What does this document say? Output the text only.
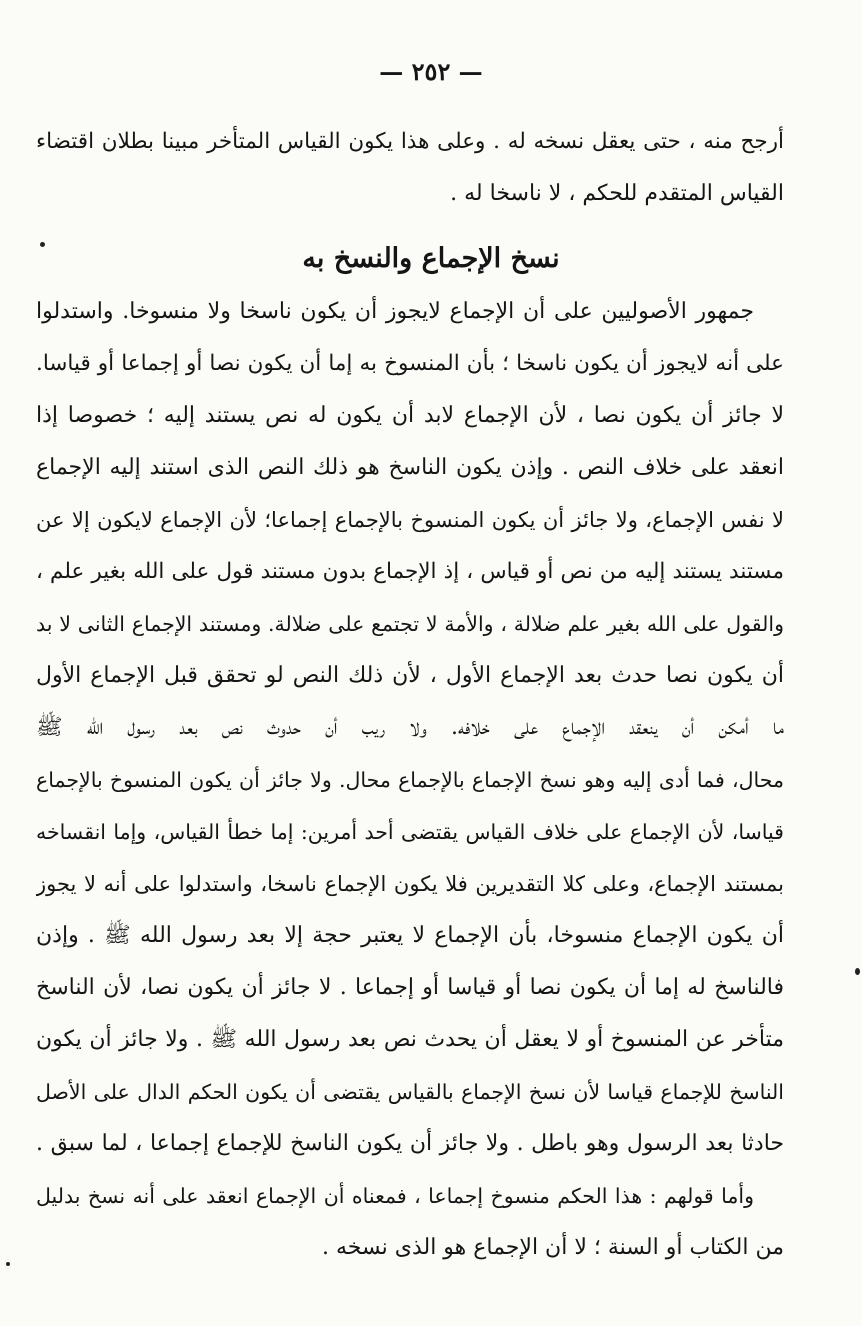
— ٢٥٢ —
أرجح منه ، حتى يعقل نسخه له . وعلى هذا يكون القياس المتأخر مبينا بطلان اقتضاء
القياس المتقدم للحكم ، لا ناسخا له .
نسخ الإجماع والنسخ به
جمهور الأصوليين على أن الإجماع لايجوز أن يكون ناسخا ولا منسوخا. واستدلوا
على أنه لايجوز أن يكون ناسخا ؛ بأن المنسوخ به إما أن يكون نصا أو إجماعا أو قياسا.
لا جائز أن يكون نصا ، لأن الإجماع لابد أن يكون له نص يستند إليه ؛ خصوصا إذا
انعقد على خلاف النص . وإذن يكون الناسخ هو ذلك النص الذى استند إليه الإجماع
لا نفس الإجماع، ولا جائز أن يكون المنسوخ بالإجماع إجماعا؛ لأن الإجماع لايكون إلا عن
مستند يستند إليه من نص أو قياس ، إذ الإجماع بدون مستند قول على الله بغير علم ،
والقول على الله بغير علم ضلالة ، والأمة لا تجتمع على ضلالة. ومستند الإجماع الثانى لا بد
أن يكون نصا حدث بعد الإجماع الأول ، لأن ذلك النص لو تحقق قبل الإجماع الأول
ما أمكن أن ينعقد الإجماع على خلافه. ولا ريب أن حدوث نص بعد رسول الله ﷺ
محال، فما أدى إليه وهو نسخ الإجماع بالإجماع محال. ولا جائز أن يكون المنسوخ بالإجماع
قياسا، لأن الإجماع على خلاف القياس يقتضى أحد أمرين: إما خطأ القياس، وإما انقساخه
بمستند الإجماع، وعلى كلا التقديرين فلا يكون الإجماع ناسخا، واستدلوا على أنه لا يجوز
أن يكون الإجماع منسوخا، بأن الإجماع لا يعتبر حجة إلا بعد رسول الله ﷺ . وإذن
فالناسخ له إما أن يكون نصا أو قياسا أو إجماعا . لا جائز أن يكون نصا، لأن الناسخ
متأخر عن المنسوخ أو لا يعقل أن يحدث نص بعد رسول الله ﷺ . ولا جائز أن يكون
الناسخ للإجماع قياسا لأن نسخ الإجماع بالقياس يقتضى أن يكون الحكم الدال على الأصل
حادثا بعد الرسول وهو باطل . ولا جائز أن يكون الناسخ للإجماع إجماعا ، لما سبق .
وأما قولهم : هذا الحكم منسوخ إجماعا ، فمعناه أن الإجماع انعقد على أنه نسخ بدليل
من الكتاب أو السنة ؛ لا أن الإجماع هو الذى نسخه .
